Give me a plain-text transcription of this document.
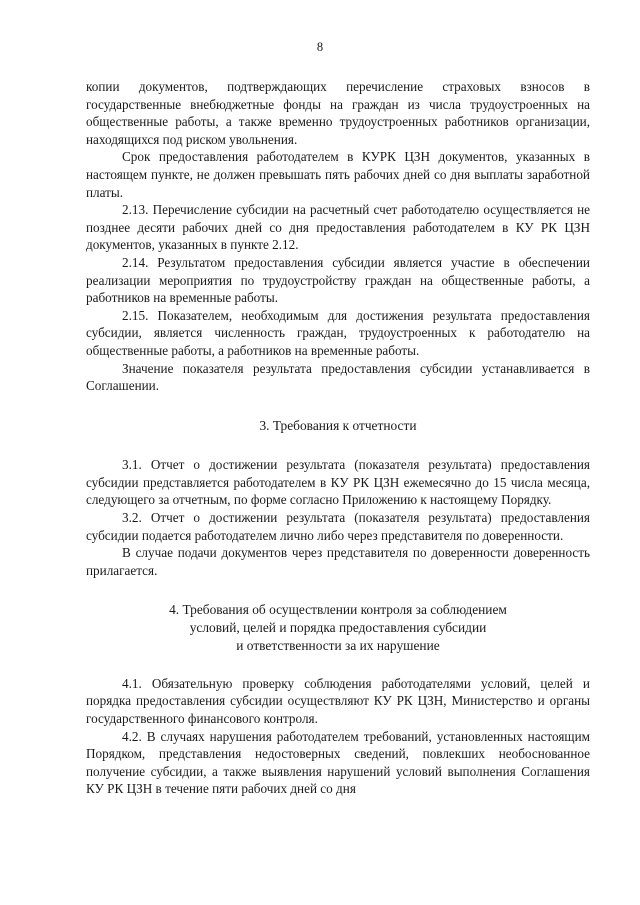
8

копии документов, подтверждающих перечисление страховых взносов в государственные внебюджетные фонды на граждан из числа трудоустроенных на общественные работы, а также временно трудоустроенных работников организации, находящихся под риском увольнения.

Срок предоставления работодателем в КУРК ЦЗН документов, указанных в настоящем пункте, не должен превышать пять рабочих дней со дня выплаты заработной платы.

2.13. Перечисление субсидии на расчетный счет работодателю осуществляется не позднее десяти рабочих дней со дня предоставления работодателем в КУ РК ЦЗН документов, указанных в пункте 2.12.

2.14. Результатом предоставления субсидии является участие в обеспечении реализации мероприятия по трудоустройству граждан на общественные работы, а работников на временные работы.

2.15. Показателем, необходимым для достижения результата предоставления субсидии, является численность граждан, трудоустроенных к работодателю на общественные работы, а работников на временные работы.

Значение показателя результата предоставления субсидии устанавливается в Соглашении.

3. Требования к отчетности

3.1. Отчет о достижении результата (показателя результата) предоставления субсидии представляется работодателем в КУ РК ЦЗН ежемесячно до 15 числа месяца, следующего за отчетным, по форме согласно Приложению к настоящему Порядку.

3.2. Отчет о достижении результата (показателя результата) предоставления субсидии подается работодателем лично либо через представителя по доверенности.

В случае подачи документов через представителя по доверенности доверенность прилагается.

4. Требования об осуществлении контроля за соблюдением
условий, целей и порядка предоставления субсидии
и ответственности за их нарушение

4.1. Обязательную проверку соблюдения работодателями условий, целей и порядка предоставления субсидии осуществляют КУ РК ЦЗН, Министерство и органы государственного финансового контроля.

4.2. В случаях нарушения работодателем требований, установленных настоящим Порядком, представления недостоверных сведений, повлекших необоснованное получение субсидии, а также выявления нарушений условий выполнения Соглашения КУ РК ЦЗН в течение пяти рабочих дней со дня
